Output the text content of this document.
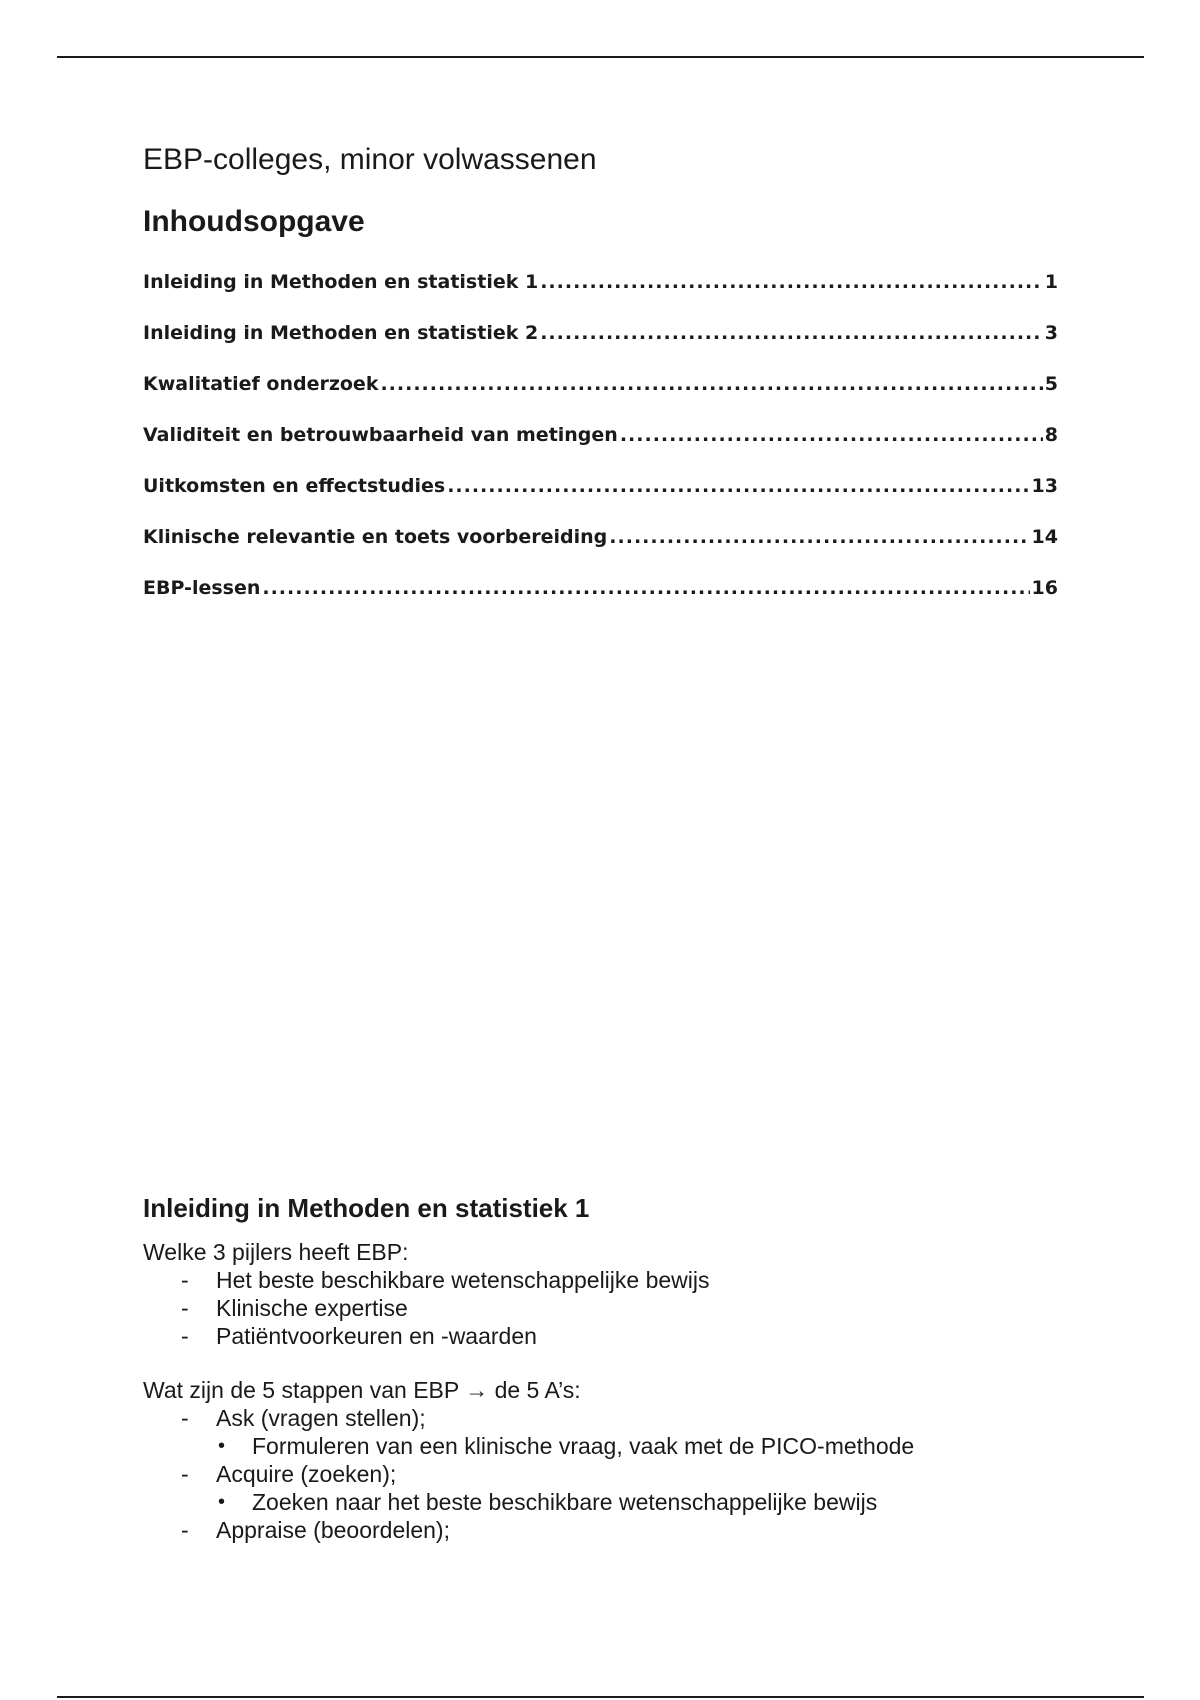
EBP-colleges, minor volwassenen
Inhoudsopgave
Inleiding in Methoden en statistiek 1 .....	1
Inleiding in Methoden en statistiek 2 .....	3
Kwalitatief onderzoek .....	5
Validiteit en betrouwbaarheid van metingen .....	8
Uitkomsten en effectstudies .....	13
Klinische relevantie en toets voorbereiding .....	14
EBP-lessen .....	16
Inleiding in Methoden en statistiek 1

Welke 3 pijlers heeft EBP:

- Het beste beschikbare wetenschappelijke bewijs
- Klinische expertise
- Patiëntvoorkeuren en -waarden

Wat zijn de 5 stappen van EBP → de 5 A’s:

- Ask (vragen stellen);
• Formuleren van een klinische vraag, vaak met de PICO-methode
- Acquire (zoeken);
• Zoeken naar het beste beschikbare wetenschappelijke bewijs
- Appraise (beoordelen);
